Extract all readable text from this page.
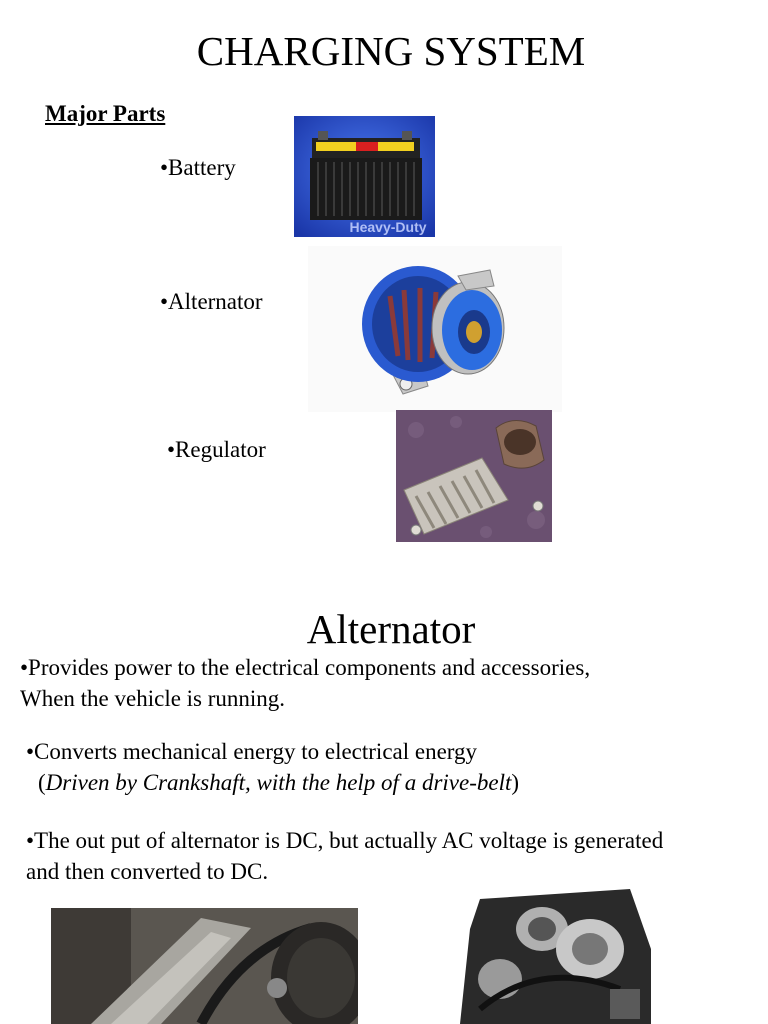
CHARGING SYSTEM
Major Parts
•Battery
•Alternator
•Regulator
Heavy-Duty
Alternator
•Provides power to the electrical components and accessories,
When the vehicle is running.
•Converts mechanical energy to electrical energy
(Driven by Crankshaft, with the help of a drive-belt)
•The out put of alternator is DC, but actually AC voltage is generated
and then converted to DC.
